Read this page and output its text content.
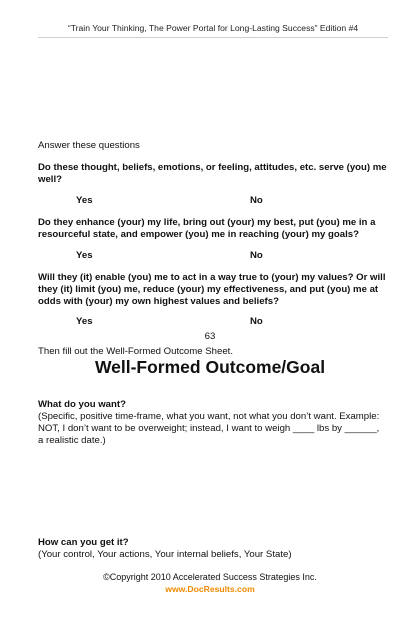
“Train Your Thinking, The Power Portal for Long-Lasting Success” Edition #4
Answer these questions
Do these thought, beliefs, emotions, or feeling, attitudes, etc. serve (you) me well?
Yes	No
Do they enhance (your) my life, bring out (your) my best, put (you) me in a resourceful state, and empower (you) me in reaching (your) my goals?
Yes	No
Will they (it) enable (you) me to act in a way true to (your) my values? Or will they (it) limit (you) me, reduce (your) my effectiveness, and put (you) me at odds with (your) my own highest values and beliefs?
Yes	No
63
Then fill out the Well-Formed Outcome Sheet.
Well-Formed Outcome/Goal
What do you want?
(Specific, positive time-frame, what you want, not what you don’t want. Example: NOT, I don’t want to be overweight; instead, I want to weigh ____ lbs by ______, a realistic date.)
How can you get it?
(Your control, Your actions, Your internal beliefs, Your State)
©Copyright 2010 Accelerated Success Strategies Inc.
www.DocResults.com
